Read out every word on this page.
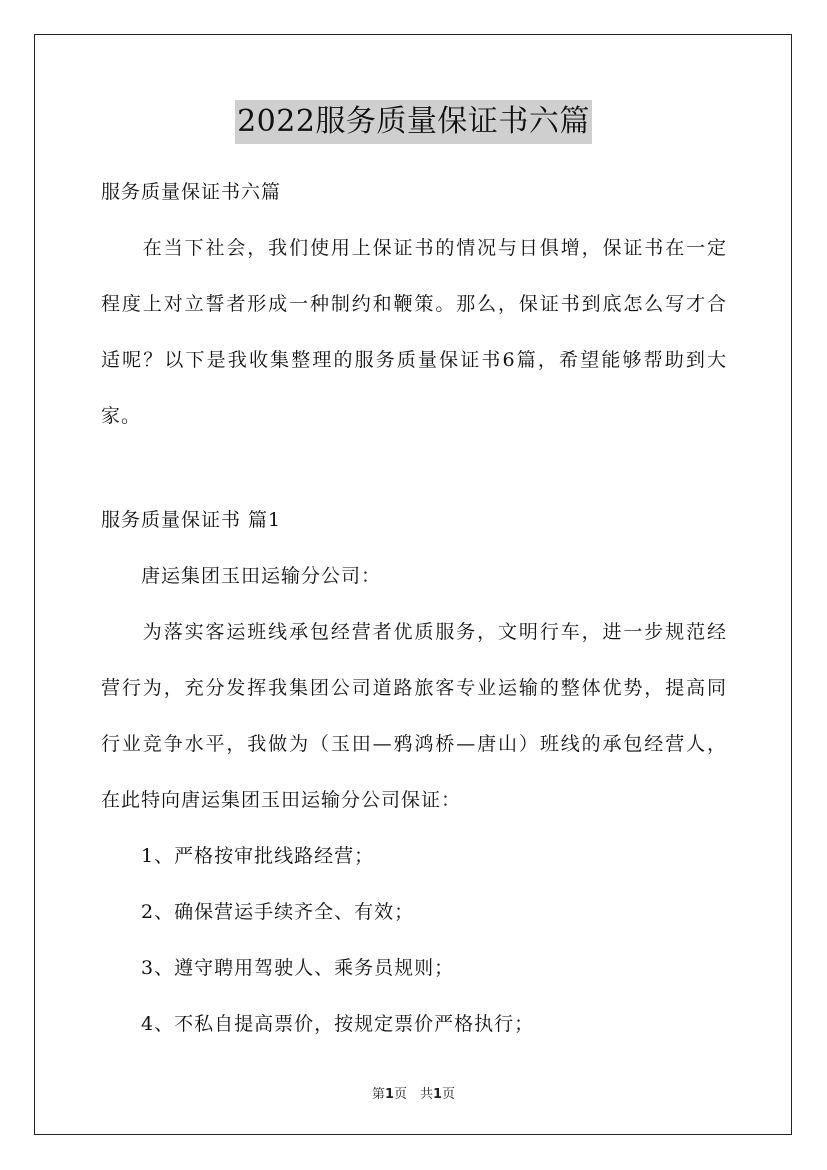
2022服务质量保证书六篇
服务质量保证书六篇
　　在当下社会，我们使用上保证书的情况与日俱增，保证书在一定
程度上对立誓者形成一种制约和鞭策。那么，保证书到底怎么写才合
适呢？以下是我收集整理的服务质量保证书6篇，希望能够帮助到大
家。
服务质量保证书 篇1
　　唐运集团玉田运输分公司：
　　为落实客运班线承包经营者优质服务，文明行车，进一步规范经
营行为，充分发挥我集团公司道路旅客专业运输的整体优势，提高同
行业竞争水平，我做为（玉田—鸦鸿桥—唐山）班线的承包经营人，
在此特向唐运集团玉田运输分公司保证：
　　1、严格按审批线路经营；
　　2、确保营运手续齐全、有效；
　　3、遵守聘用驾驶人、乘务员规则；
　　4、不私自提高票价，按规定票价严格执行；
第1页　共1页
